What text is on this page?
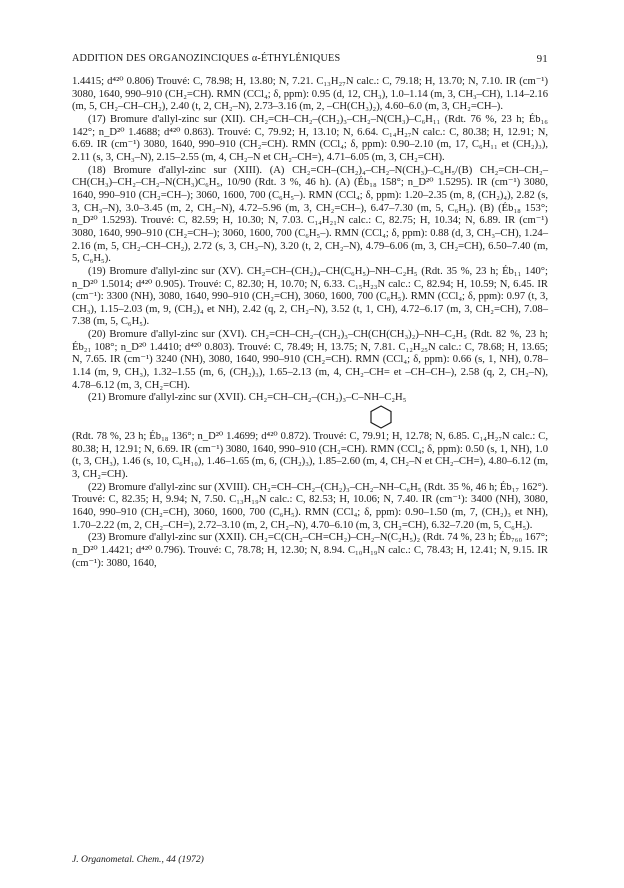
ADDITION DES ORGANOZINCIQUES α-ÉTHYLÉNIQUES	91

1.4415; d⁴²⁰ 0.806) Trouvé: C, 78.98; H, 13.80; N, 7.21. C₁₃H₂₇N calc.: C, 79.18; H, 13.70; N, 7.10. IR (cm⁻¹) 3080, 1640, 990–910 (CH₂=CH). RMN (CCl₄; δ, ppm): 0.95 (d, 12, CH₃), 1.0–1.14 (m, 3, CH₃–CH), 1.14–2.16 (m, 5, CH₂–CH–CH₂), 2.40 (t, 2, CH₂–N), 2.73–3.16 (m, 2, –CH(CH₃)₂), 4.60–6.0 (m, 3, CH₂=CH–).

(17) Bromure d'allyl-zinc sur (XII). CH₂=CH–CH₂–(CH₂)₃–CH₂–N(CH₃)–C₆H₁₁ (Rdt. 76 %, 23 h; Éb₁₆ 142°; n_D²⁰ 1.4688; d⁴²⁰ 0.863). Trouvé: C, 79.92; H, 13.10; N, 6.64. C₁₄H₂₇N calc.: C, 80.38; H, 12.91; N, 6.69. IR (cm⁻¹) 3080, 1640, 990–910 (CH₂=CH). RMN (CCl₄; δ, ppm): 0.90–2.10 (m, 17, C₆H₁₁ et (CH₂)₃), 2.11 (s, 3, CH₃–N), 2.15–2.55 (m, 4, CH₂–N et CH₂–CH=), 4.71–6.05 (m, 3, CH₂=CH).

(18) Bromure d'allyl-zinc sur (XIII). (A) CH₂=CH–(CH₂)₄–CH₂–N(CH₃)–C₆H₅/(B) CH₂=CH–CH₂–CH(CH₃)–CH₂–CH₂–N(CH₃)C₆H₅, 10/90 (Rdt. 3 %, 46 h). (A) (Éb₁₈ 158°; n_D²⁰ 1.5295). IR (cm⁻¹) 3080, 1640, 990–910 (CH₂=CH–); 3060, 1600, 700 (C₆H₅–). RMN (CCl₄; δ, ppm): 1.20–2.35 (m, 8, (CH₂)₄), 2.82 (s, 3, CH₃–N), 3.0–3.45 (m, 2, CH₂–N), 4.72–5.96 (m, 3, CH₂=CH–), 6.47–7.30 (m, 5, C₆H₅). (B) (Éb₁₈ 153°; n_D²⁰ 1.5293). Trouvé: C, 82.59; H, 10.30; N, 7.03. C₁₄H₂₁N calc.: C, 82.75; H, 10.34; N, 6.89. IR (cm⁻¹) 3080, 1640, 990–910 (CH₂=CH–); 3060, 1600, 700 (C₆H₅–). RMN (CCl₄; δ, ppm): 0.88 (d, 3, CH₃–CH), 1.24–2.16 (m, 5, CH₂–CH–CH₂), 2.72 (s, 3, CH₃–N), 3.20 (t, 2, CH₂–N), 4.79–6.06 (m, 3, CH₂=CH), 6.50–7.40 (m, 5, C₆H₅).

(19) Bromure d'allyl-zinc sur (XV). CH₂=CH–(CH₂)₄–CH(C₆H₅)–NH–C₂H₅ (Rdt. 35 %, 23 h; Éb₁₁ 140°; n_D²⁰ 1.5014; d⁴²⁰ 0.905). Trouvé: C, 82.30; H, 10.70; N, 6.33. C₁₅H₂₃N calc.: C, 82.94; H, 10.59; N, 6.45. IR (cm⁻¹): 3300 (NH), 3080, 1640, 990–910 (CH₂=CH), 3060, 1600, 700 (C₆H₅). RMN (CCl₄; δ, ppm): 0.97 (t, 3, CH₃), 1.15–2.03 (m, 9, (CH₂)₄ et NH), 2.42 (q, 2, CH₂–N), 3.52 (t, 1, CH), 4.72–6.17 (m, 3, CH₂=CH), 7.08–7.38 (m, 5, C₆H₅).

(20) Bromure d'allyl-zinc sur (XVI). CH₂=CH–CH₂–(CH₂)₃–CH(CH(CH₃)₂)–NH–C₂H₅ (Rdt. 82 %, 23 h; Éb₂₁ 108°; n_D²⁰ 1.4410; d⁴²⁰ 0.803). Trouvé: C, 78.49; H, 13.75; N, 7.81. C₁₂H₂₅N calc.: C, 78.68; H, 13.65; N, 7.65. IR (cm⁻¹) 3240 (NH), 3080, 1640, 990–910 (CH₂=CH). RMN (CCl₄; δ, ppm): 0.66 (s, 1, NH), 0.78–1.14 (m, 9, CH₃), 1.32–1.55 (m, 6, (CH₂)₃), 1.65–2.13 (m, 4, CH₂–CH= et –CH–CH–), 2.58 (q, 2, CH₂–N), 4.78–6.12 (m, 3, CH₂=CH).

(21) Bromure d'allyl-zinc sur (XVII). CH₂=CH–CH₂–(CH₂)₃–C–NH–C₂H₅

(Rdt. 78 %, 23 h; Éb₁₈ 136°; n_D²⁰ 1.4699; d⁴²⁰ 0.872). Trouvé: C, 79.91; H, 12.78; N, 6.85. C₁₄H₂₇N calc.: C, 80.38; H, 12.91; N, 6.69. IR (cm⁻¹) 3080, 1640, 990–910 (CH₂=CH). RMN (CCl₄; δ, ppm): 0.50 (s, 1, NH), 1.0 (t, 3, CH₃), 1.46 (s, 10, C₆H₁₀), 1.46–1.65 (m, 6, (CH₂)₃), 1.85–2.60 (m, 4, CH₂–N et CH₂–CH=), 4.80–6.12 (m, 3, CH₂=CH).

(22) Bromure d'allyl-zinc sur (XVIII). CH₂=CH–CH₂–(CH₂)₃–CH₂–NH–C₆H₅ (Rdt. 35 %, 46 h; Éb₁₇ 162°). Trouvé: C, 82.35; H, 9.94; N, 7.50. C₁₃H₁₉N calc.: C, 82.53; H, 10.06; N, 7.40. IR (cm⁻¹): 3400 (NH), 3080, 1640, 990–910 (CH₂=CH), 3060, 1600, 700 (C₆H₅). RMN (CCl₄; δ, ppm): 0.90–1.50 (m, 7, (CH₂)₃ et NH), 1.70–2.22 (m, 2, CH₂–CH=), 2.72–3.10 (m, 2, CH₂–N), 4.70–6.10 (m, 3, CH₂=CH), 6.32–7.20 (m, 5, C₆H₅).

(23) Bromure d'allyl-zinc sur (XXII). CH₂=C(CH₂–CH=CH₂)–CH₂–N(C₂H₅)₂ (Rdt. 74 %, 23 h; Éb₇₆₀ 167°; n_D²⁰ 1.4421; d⁴²⁰ 0.796). Trouvé: C, 78.78; H, 12.30; N, 8.94. C₁₀H₁₉N calc.: C, 78.43; H, 12.41; N, 9.15. IR (cm⁻¹): 3080, 1640,

J. Organometal. Chem., 44 (1972)
